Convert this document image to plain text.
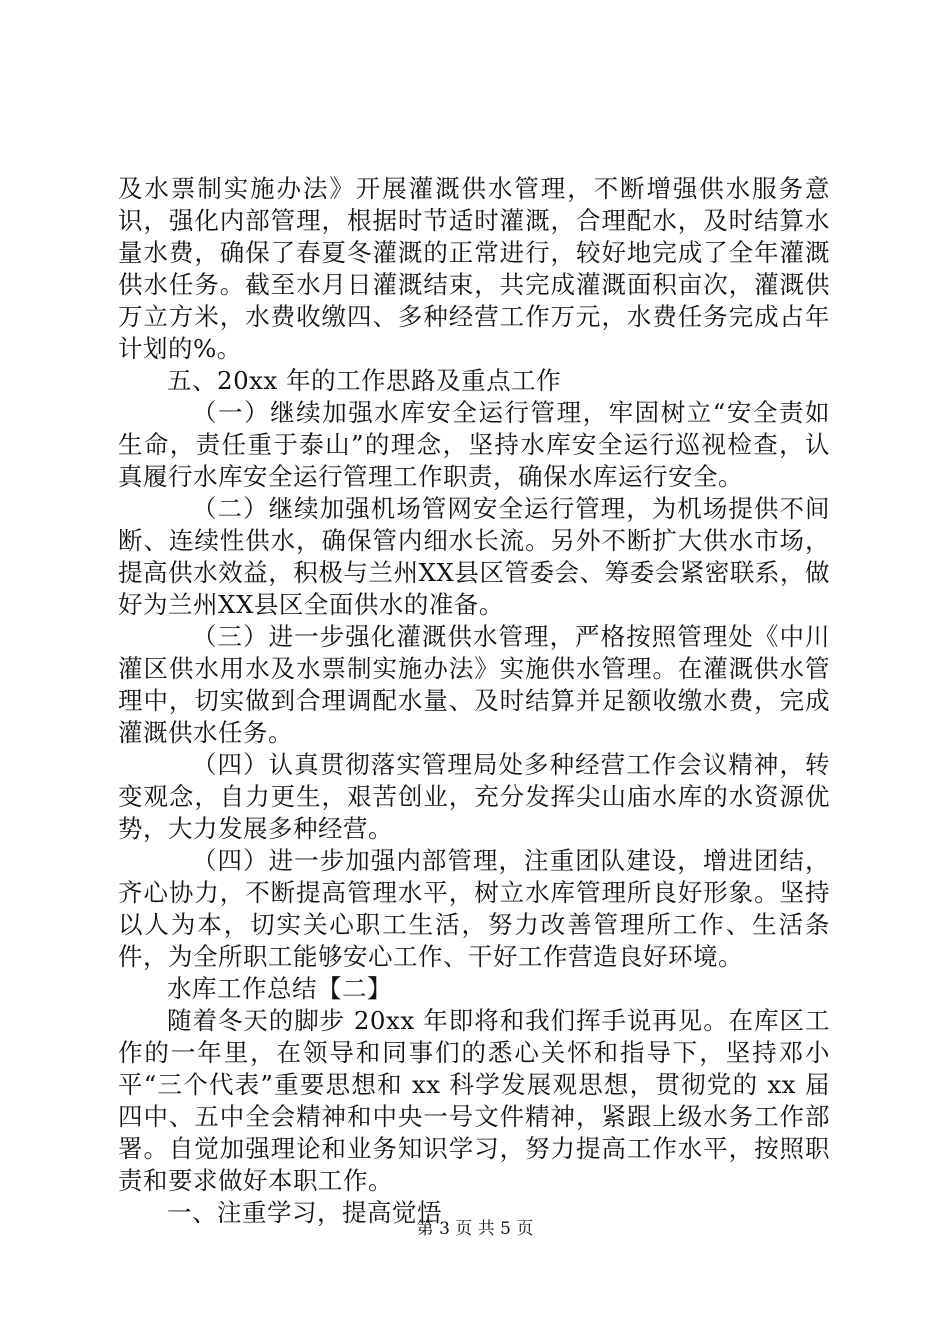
及水票制实施办法》开展灌溉供水管理，不断增强供水服务意识，强化内部管理，根据时节适时灌溉，合理配水，及时结算水量水费，确保了春夏冬灌溉的正常进行，较好地完成了全年灌溉供水任务。截至水月日灌溉结束，共完成灌溉面积亩次，灌溉供万立方米，水费收缴四、多种经营工作万元，水费任务完成占年计划的%。

五、20xx 年的工作思路及重点工作

（一）继续加强水库安全运行管理，牢固树立“安全责如生命，责任重于泰山”的理念，坚持水库安全运行巡视检查，认真履行水库安全运行管理工作职责，确保水库运行安全。

（二）继续加强机场管网安全运行管理，为机场提供不间断、连续性供水，确保管内细水长流。另外不断扩大供水市场，提高供水效益，积极与兰州XX县区管委会、筹委会紧密联系，做好为兰州XX县区全面供水的准备。

（三）进一步强化灌溉供水管理，严格按照管理处《中川灌区供水用水及水票制实施办法》实施供水管理。在灌溉供水管理中，切实做到合理调配水量、及时结算并足额收缴水费，完成灌溉供水任务。

（四）认真贯彻落实管理局处多种经营工作会议精神，转变观念，自力更生，艰苦创业，充分发挥尖山庙水库的水资源优势，大力发展多种经营。

（四）进一步加强内部管理，注重团队建设，增进团结，齐心协力，不断提高管理水平，树立水库管理所良好形象。坚持以人为本，切实关心职工生活，努力改善管理所工作、生活条件，为全所职工能够安心工作、干好工作营造良好环境。

水库工作总结【二】

随着冬天的脚步 20xx 年即将和我们挥手说再见。在库区工作的一年里，在领导和同事们的悉心关怀和指导下，坚持邓小平“三个代表”重要思想和 xx 科学发展观思想，贯彻党的 xx 届四中、五中全会精神和中央一号文件精神，紧跟上级水务工作部署。自觉加强理论和业务知识学习，努力提高工作水平，按照职责和要求做好本职工作。

一、注重学习，提高觉悟

第 3 页 共 5 页
